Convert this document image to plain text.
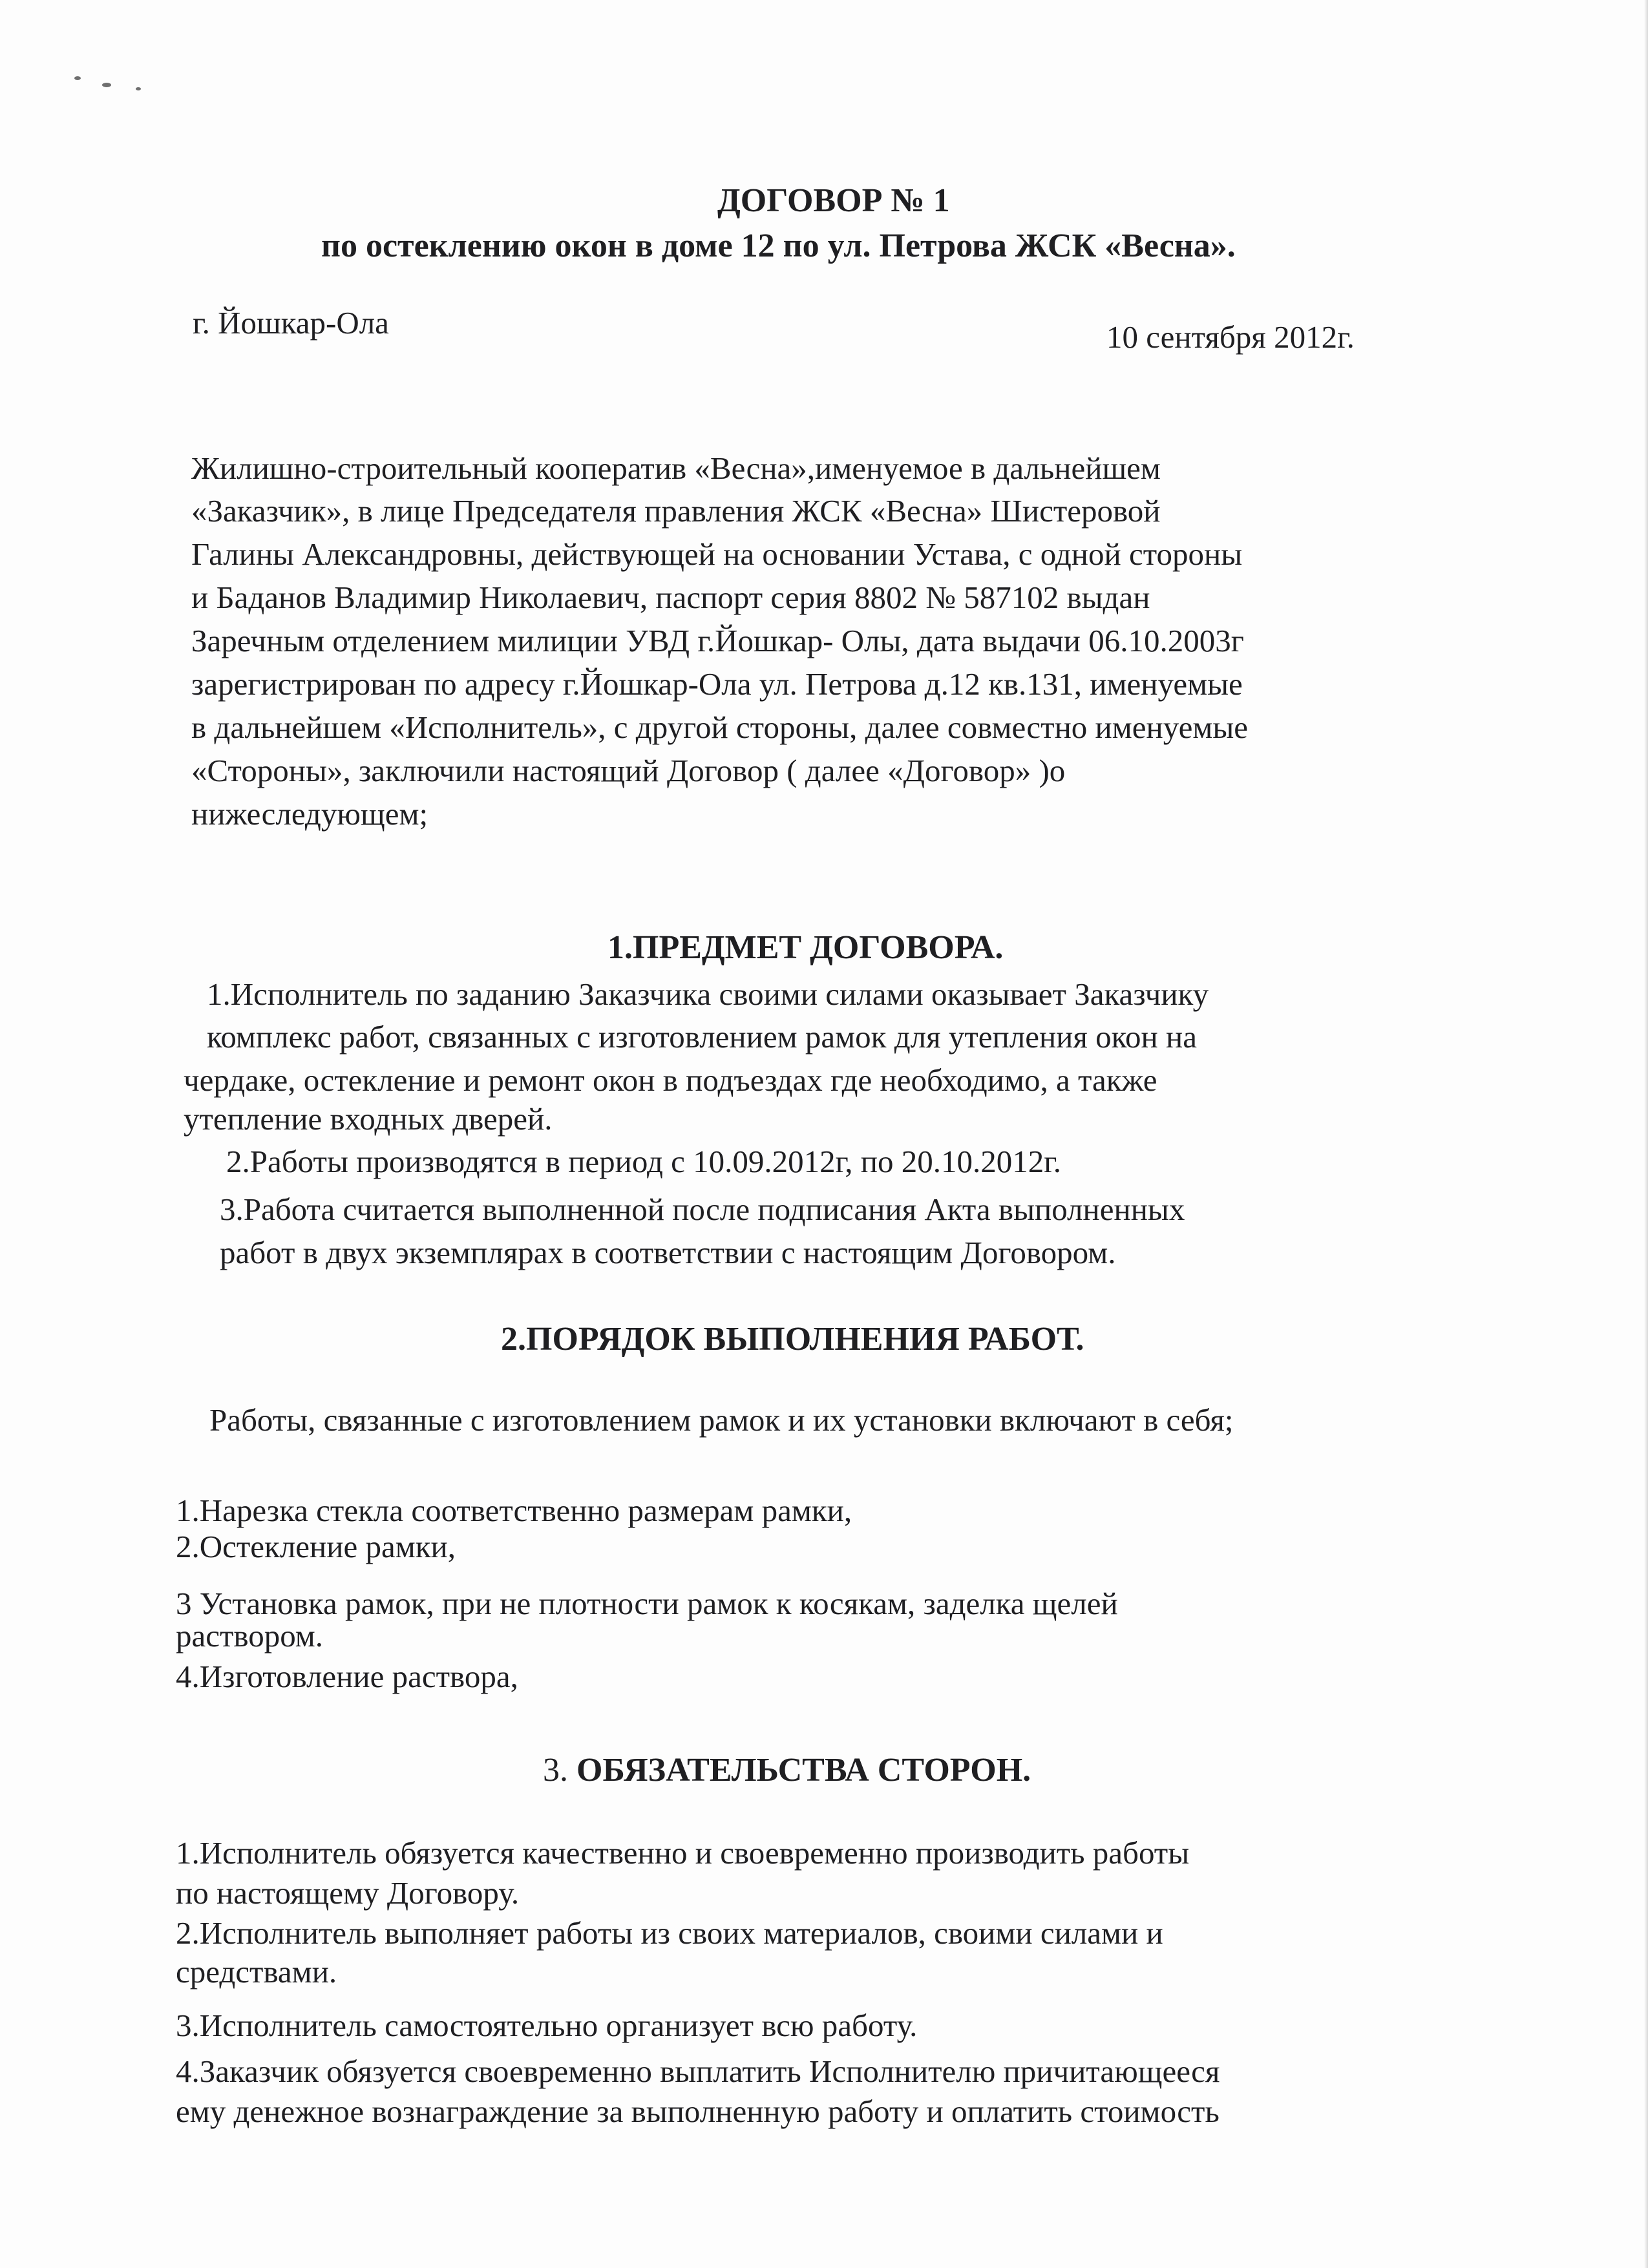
ДОГОВОР № 1
по остеклению окон в доме 12 по ул. Петрова ЖСК «Весна».
г. Йошкар-Ола	10 сентября 2012г.
Жилишно-строительный кооператив «Весна»,именуемое в дальнейшем
«Заказчик», в лице Председателя правления ЖСК «Весна» Шистеровой
Галины Александровны, действующей на основании Устава, с одной стороны
и Баданов Владимир Николаевич, паспорт серия 8802 № 587102 выдан
Заречным отделением милиции УВД г.Йошкар- Олы, дата выдачи 06.10.2003г
зарегистрирован по адресу г.Йошкар-Ола ул. Петрова д.12 кв.131, именуемые
в дальнейшем «Исполнитель», с другой стороны, далее совместно именуемые
«Стороны», заключили настоящий Договор ( далее «Договор» )о
нижеследующем;
1.ПРЕДМЕТ ДОГОВОРА.
1.Исполнитель по заданию Заказчика своими силами оказывает Заказчику
комплекс работ, связанных с изготовлением рамок для утепления окон на
чердаке, остекление и ремонт окон в подъездах где необходимо, а также
утепление входных дверей.
2.Работы производятся в период с 10.09.2012г, по 20.10.2012г.
3.Работа считается выполненной после подписания Акта выполненных
работ в двух экземплярах в соответствии с настоящим Договором.
2.ПОРЯДОК ВЫПОЛНЕНИЯ РАБОТ.
Работы, связанные с изготовлением рамок и их установки включают в себя;
1.Нарезка стекла соответственно размерам рамки,
2.Остекление рамки,
3 Установка рамок, при не плотности рамок к косякам, заделка щелей
раствором.
4.Изготовление раствора,
3. ОБЯЗАТЕЛЬСТВА СТОРОН.
1.Исполнитель обязуется качественно и своевременно производить работы
по настоящему Договору.
2.Исполнитель выполняет работы из своих материалов, своими силами и
средствами.
3.Исполнитель самостоятельно организует всю работу.
4.Заказчик обязуется своевременно выплатить Исполнителю причитающееся
ему денежное вознаграждение за выполненную работу и оплатить стоимость
